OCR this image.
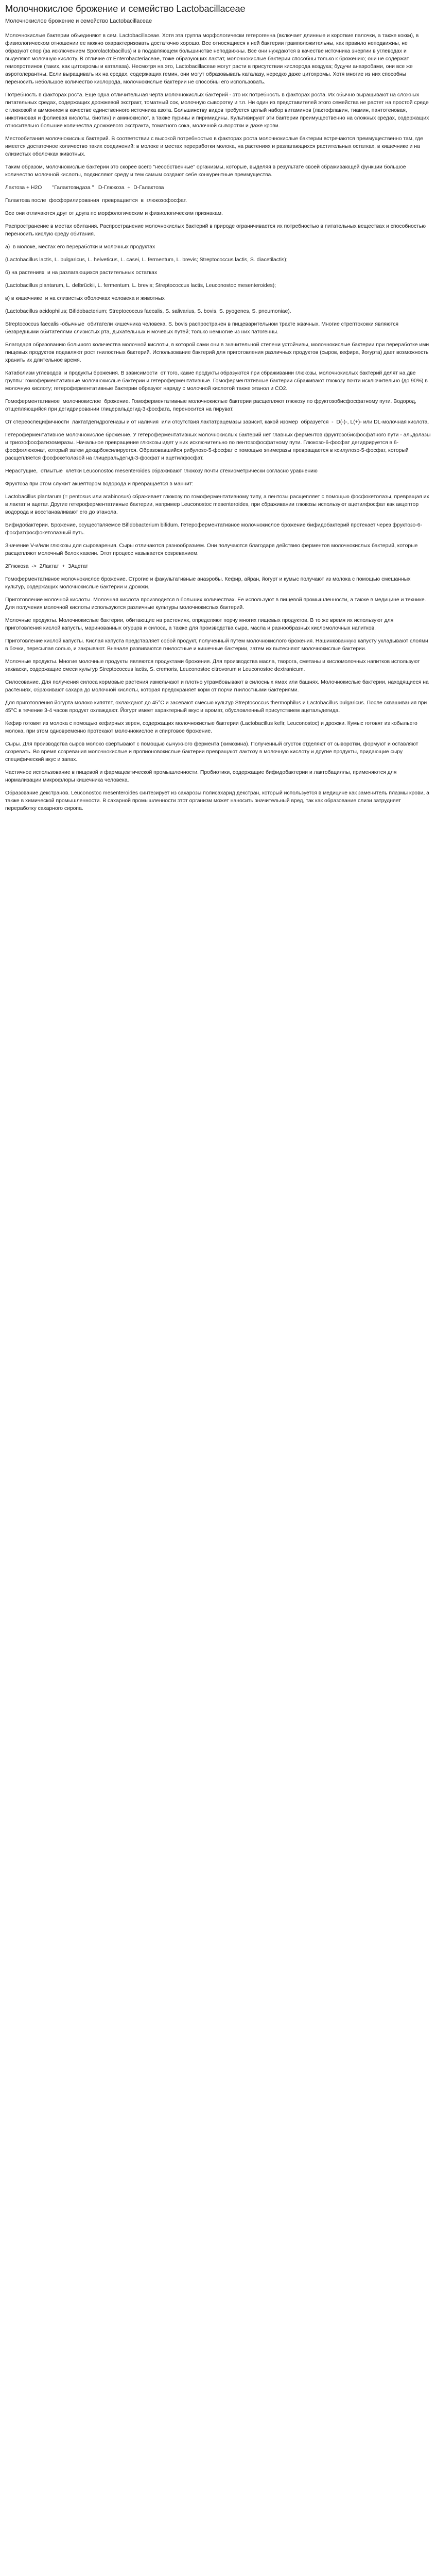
Молочнокислое брожение и семейство Lactobacillaceae
Молочнокислое брожение и семейство Lactobacillaceae

Молочнокислые бактерии объединяют в сем. Lactobacillaceae. Хотя эта группа морфологически гетерогенна (включает длинные и короткие палочки, а также кокки), в физиологическом отношении ее можно охарактеризовать достаточно хорошо. Все относящиеся к ней бактерии грамположительны, как правило неподвижны, не образуют спор (за исключением Sporolactobacillus) и в подавляющем большинстве неподвижны. Все они нуждаются в качестве источника энергии в углеводах и выделяют молочную кислоту. В отличие от Enterobacteriaceae, тоже образующих лактат, молочнокислые бактерии способны только к брожению; они не содержат гемопротеинов (таких, как цитохромы и каталаза). Несмотря на это, Lactobacillaceae могут расти в присутствии кислорода воздуха; будучи анаэробами, они все же аэротолерантны. Если выращивать их на средах, содержащих гемин, они могут образовывать каталазу, нередко даже цитохромы. Хотя многие из них способны переносить небольшое количество кислорода, молочнокислые бактерии не способны его использовать.

Потребность в факторах роста. Еще одна отличительная черта молочнокислых бактерий - это их потребность в факторах роста. Их обычно выращивают на сложных питательных средах, содержащих дрожжевой экстракт, томатный сок, молочную сыворотку и т.п. Ни один из представителей этого семейства не растет на простой среде с глюкозой и аммонием в качестве единственного источника азота. Большинству видов требуется целый набор витаминов (лактофлавин, тиамин, пантотеновая, никотиновая и фолиевая кислоты, биотин) и аминокислот, а также пурины и пиримидины. Культивируют эти бактерии преимущественно на сложных средах, содержащих относительно большие количества дрожжевого экстракта, томатного сока, молочной сыворотки и даже крови.

Местообитания молочнокислых бактерий. В соответствии с высокой потребностью в факторах роста молочнокислые бактерии встречаются преимущественно там, где имеется достаточное количество таких соединений: в молоке и местах переработки молока, на растениях и разлагающихся растительных остатках, в кишечнике и на слизистых оболочках животных.

Таким образом, молочнокислые бактерии это скорее всего "несобственные" организмы, которые, выделяя в результате своей сбраживающей функции большое количество молочной кислоты, подкисляют среду и тем самым создают себе конкурентные преимущества.

Лактоза + H2O       "Галактозидаза "   D-Глюкоза  +  D-Галактоза

Галактоза после  фосфорилирования  превращается  в  глюкозофосфат.

Все они отличаются друг от друга по морфологическим и физиологическим признакам.

Распространение в местах обитания. Распространение молочнокислых бактерий в природе ограничивается их потребностью в питательных веществах и способностью переносить кислую среду обитания.

а)  в молоке, местах его переработки и молочных продуктах

(Lactobacillus lactis, L. bulgaricus, L. helveticus, L. casei, L. fermentum, L. brevis; Streptococcus lactis, S. diacetilactis);

б) на растениях  и на разлагающихся растительных остатках

(Lactobacillus plantarum, L. delbrückii, L. fermentum, L. brevis; Streptococcus lactis, Leuconostoc mesenteroides);

в) в кишечнике  и на слизистых оболочках человека и животных

(Lactobacillus acidophilus; Bifidobacterium; Streptococcus faecalis, S. salivarius, S. bovis, S. pyogenes, S. pneumoniae).

Streptococcus faecalis -обычные  обитатели кишечника человека. S. bovis распространен в пищеварительном тракте жвачных. Многие стрептококки являются безвредными обитателями слизистых рта, дыхательных и мочевых путей; только немногие из них патогенны.

Благодаря образованию большого количества молочной кислоты, в которой сами они в значительной степени устойчивы, молочнокислые бактерии при переработке ими пищевых продуктов подавляют рост гнилостных бактерий. Использование бактерий для приготовления различных продуктов (сыров, кефира, йогурта) дает возможность хранить их длительное время.

Катаболизм углеводов  и продукты брожения. В зависимости  от того, какие продукты образуются при сбраживании глюкозы, молочнокислых бактерий делят на две группы: гомоферментативные молочнокислые бактерии и гетероферментативные. Гомоферментативные бактерии сбраживают глюкозу почти исключительно (до 90%) в молочную кислоту; гетероферментативные бактерии образуют наряду с молочной кислотой также этанол и CO2.

Гомоферментативное  молочнокислое  брожение. Гомоферментативные молочнокислые бактерии расщепляют глюкозу по фруктозобисфосфатному пути. Водород, отщепляющийся при дегидрировании глицеральдегид-3-фосфата, переносится на пируват.

От стереоспецифичности  лактатдегидрогеназы и от наличия  или отсутствия лактатрацемазы зависит, какой изомер  образуется  -  D(-)-, L(+)- или DL-молочная кислота.

Гетероферментативное молочнокислое брожение. У гетероферментативных молочнокислых бактерий нет главных ферментов фруктозобисфосфатного пути - альдолазы и триозофосфатизомеразы. Начальное превращение глюкозы идет у них исключительно по пентозофосфатному пути. Глюкозо-6-фосфат дегидрируется в 6-фосфоглюконат, который затем декарбоксилируется. Образовавшийся рибулозо-5-фосфат с помощью эпимеразы превращается в ксилулозо-5-фосфат, который расщепляется фосфокетолазой на глицеральдегид-3-фосфат и ацетилфосфат.

Нерастущие,  отмытые  клетки Leuconostoc mesenteroides сбраживают глюкозу почти стехиометрически согласно уравнению

Фруктоза при этом служит акцептором водорода и превращается в маннит:

Lactobacillus plantarum (= pentosus или arabinosus) сбраживает глюкозу по гомоферментативному типу, а пентозы расщепляет с помощью фосфокетолазы, превращая их в лактат и ацетат. Другие гетероферментативные бактерии, например Leuconostoc mesenteroides, при сбраживании глюкозы используют ацетилфосфат как акцептор водорода и восстанавливают его до этанола.

Бифидобактерии. Брожение, осуществляемое Bifidobacterium bifidum. Гетероферментативное молочнокислое брожение бифидобактерий протекает через фруктозо-6-фосфатфосфокетолазный путь.

Значение V-и/или глюкозы для сыроварения. Сыры отличаются разнообразием. Они получаются благодаря действию ферментов молочнокислых бактерий, которые расщепляют молочный белок казеин. Этот процесс называется созреванием.

2Глюкоза  ->  2Лактат  +  3Ацетат

Гомоферментативное молочнокислое брожение. Строгие и факультативные анаэробы. Кефир, айран, йогурт и кумыс получают из молока с помощью смешанных культур, содержащих молочнокислые бактерии и дрожжи.

Приготовление молочной кислоты. Молочная кислота производится в больших количествах. Ее используют в пищевой промышленности, а также в медицине и технике. Для получения молочной кислоты используются различные культуры молочнокислых бактерий.

Молочные продукты. Молочнокислые бактерии, обитающие на растениях, определяют порчу многих пищевых продуктов. В то же время их используют для приготовления кислой капусты, маринованных огурцов и силоса, а также для производства сыра, масла и разнообразных кисломолочных напитков.

Приготовление кислой капусты. Кислая капуста представляет собой продукт, полученный путем молочнокислого брожения. Нашинкованную капусту укладывают слоями в бочки, пересыпая солью, и закрывают. Вначале развиваются гнилостные и кишечные бактерии, затем их вытесняют молочнокислые бактерии.

Молочные продукты. Многие молочные продукты являются продуктами брожения. Для производства масла, творога, сметаны и кисломолочных напитков используют закваски, содержащие смеси культур Streptococcus lactis, S. cremoris, Leuconostoc citrovorum и Leuconostoc dextranicum.

Силосование. Для получения силоса кормовые растения измельчают и плотно утрамбовывают в силосных ямах или башнях. Молочнокислые бактерии, находящиеся на растениях, сбраживают сахара до молочной кислоты, которая предохраняет корм от порчи гнилостными бактериями.

Для приготовления йогурта молоко кипятят, охлаждают до 45°С и засевают смесью культур Streptococcus thermophilus и Lactobacillus bulgaricus. После сквашивания при 45°С в течение 3-4 часов продукт охлаждают. Йогурт имеет характерный вкус и аромат, обусловленный присутствием ацетальдегида.

Кефир готовят из молока с помощью кефирных зерен, содержащих молочнокислые бактерии (Lactobacillus kefir, Leuconostoc) и дрожжи. Кумыс готовят из кобыльего молока, при этом одновременно протекают молочнокислое и спиртовое брожение.

Сыры. Для производства сыров молоко свертывают с помощью сычужного фермента (химозина). Полученный сгусток отделяют от сыворотки, формуют и оставляют созревать. Во время созревания молочнокислые и пропионовокислые бактерии превращают лактозу в молочную кислоту и другие продукты, придающие сыру специфический вкус и запах.

Частичное использование в пищевой и фармацевтической промышленности. Пробиотики, содержащие бифидобактерии и лактобациллы, применяются для нормализации микрофлоры кишечника человека.

Образование декстранов. Leuconostoc mesenteroides синтезирует из сахарозы полисахарид декстран, который используется в медицине как заменитель плазмы крови, а также в химической промышленности. В сахарной промышленности этот организм может наносить значительный вред, так как образование слизи затрудняет переработку сахарного сиропа.
